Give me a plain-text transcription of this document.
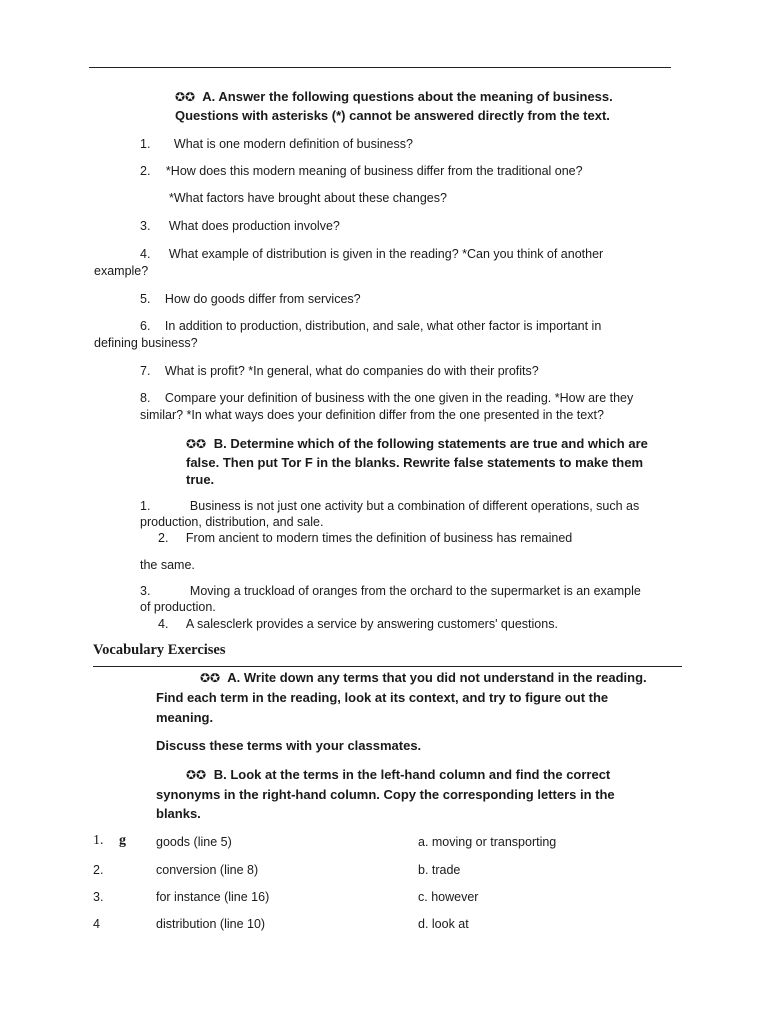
✪✪ A. Answer the following questions about the meaning of business.
Questions with asterisks (*) cannot be answered directly from the text.
1. What is one modern definition of business?
2. *How does this modern meaning of business differ from the traditional one?
*What factors have brought about these changes?
3. What does production involve?
4. What example of distribution is given in the reading? *Can you think of another
example?
5. How do goods differ from services?
6. In addition to production, distribution, and sale, what other factor is important in
defining business?
7. What is profit? *In general, what do companies do with their profits?
8. Compare your definition of business with the one given in the reading. *How are they
similar? *In what ways does your definition differ from the one presented in the text?
✪✪ B. Determine which of the following statements are true and which are
false. Then put Tor F in the blanks. Rewrite false statements to make them
true.
1.	Business is not just one activity but a combination of different operations, such as
production, distribution, and sale.
2. From ancient to modern times the definition of business has remained
the same.
3.	Moving a truckload of oranges from the orchard to the supermarket is an example
of production.
4. A salesclerk provides a service by answering customers' questions.
Vocabulary Exercises
✪✪ A. Write down any terms that you did not understand in the reading.
Find each term in the reading, look at its context, and try to figure out the
meaning.
Discuss these terms with your classmates.
✪✪ B. Look at the terms in the left-hand column and find the correct
synonyms in the right-hand column. Copy the corresponding letters in the
blanks.
1. g goods (line 5)	a. moving or transporting
2.	conversion (line 8)	b. trade
3.	for instance (line 16)	c. however
4	distribution (line 10)	d. look at
